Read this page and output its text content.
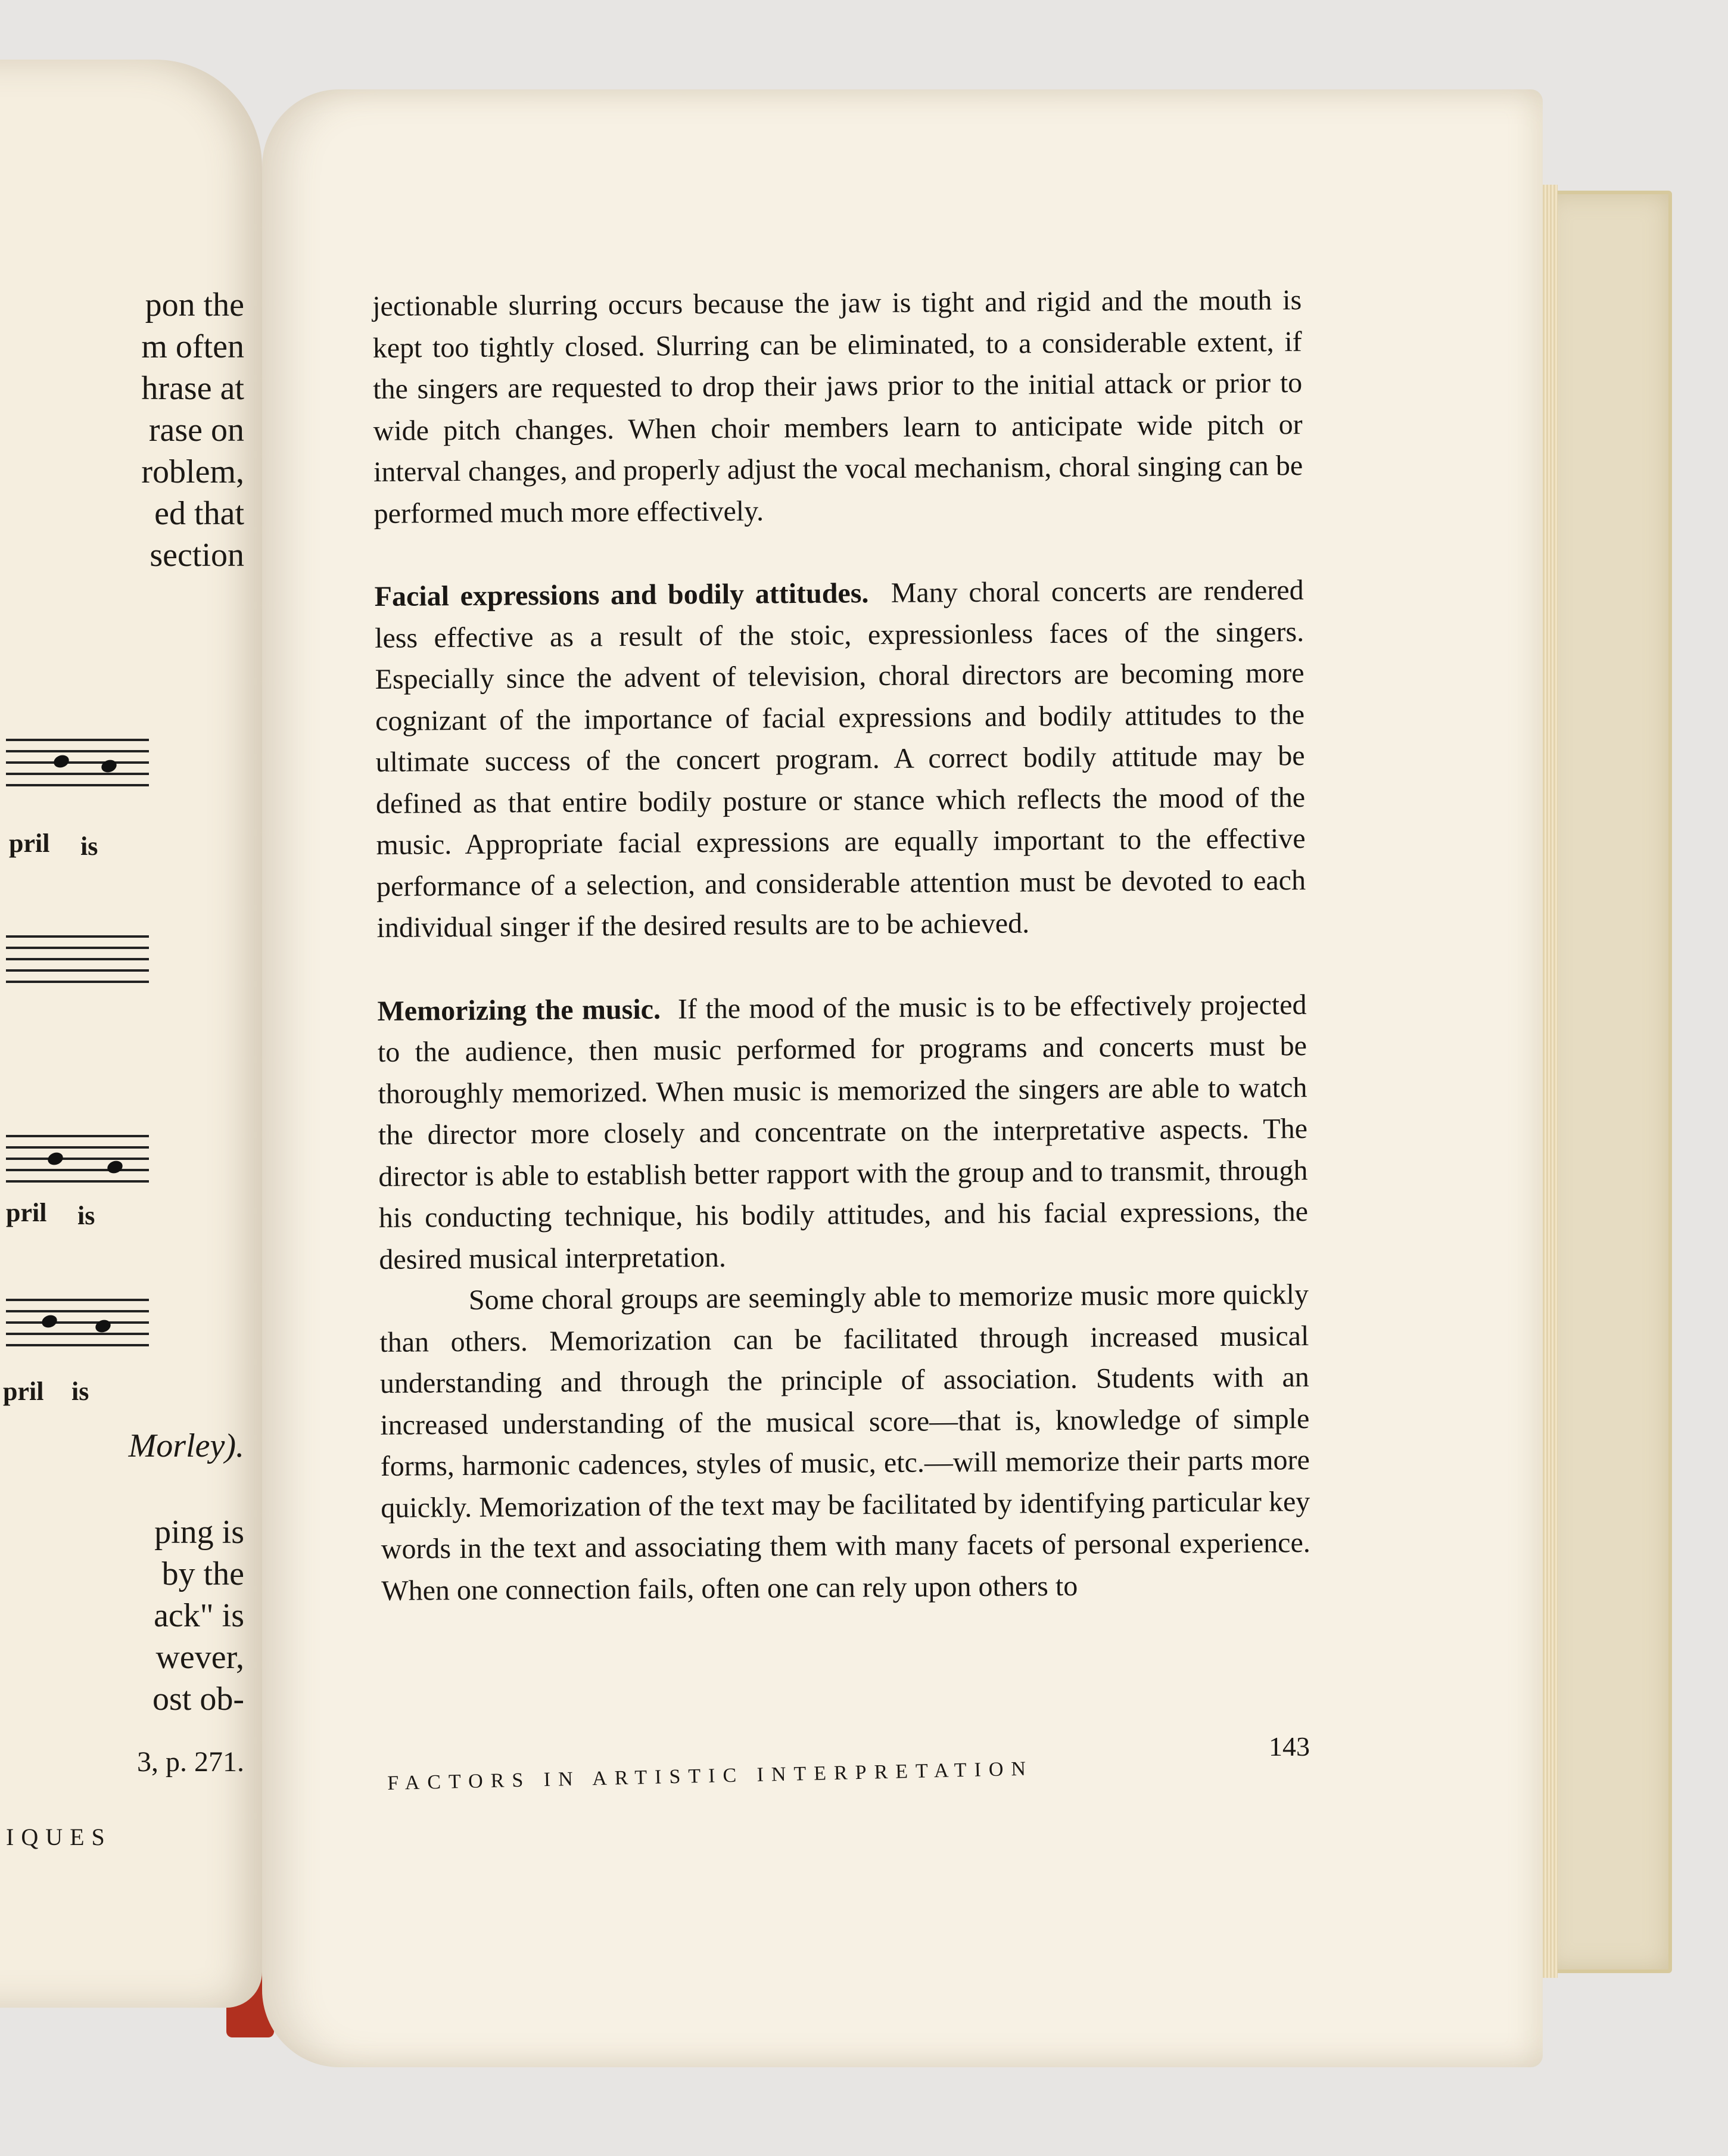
pon the
m often
hrase at
rase on
roblem,
ed that
section
pril is
pril is
pril is
Morley).
ping is
by the
ack" is
wever,
ost ob-
3, p. 271.
IQUES

jectionable slurring occurs because the jaw is tight and rigid and the mouth is kept too tightly closed. Slurring can be eliminated, to a considerable extent, if the singers are requested to drop their jaws prior to the initial attack or prior to wide pitch changes. When choir members learn to anticipate wide pitch or interval changes, and properly adjust the vocal mechanism, choral singing can be performed much more effectively.

Facial expressions and bodily attitudes. Many choral concerts are rendered less effective as a result of the stoic, expressionless faces of the singers. Especially since the advent of television, choral directors are becoming more cognizant of the importance of facial expressions and bodily attitudes to the ultimate success of the concert program. A correct bodily attitude may be defined as that entire bodily posture or stance which reflects the mood of the music. Appropriate facial expressions are equally important to the effective performance of a selection, and considerable attention must be devoted to each individual singer if the desired results are to be achieved.

Memorizing the music. If the mood of the music is to be effectively projected to the audience, then music performed for programs and concerts must be thoroughly memorized. When music is memorized the singers are able to watch the director more closely and concentrate on the interpretative aspects. The director is able to establish better rapport with the group and to transmit, through his conducting technique, his bodily attitudes, and his facial expressions, the desired musical interpretation.

Some choral groups are seemingly able to memorize music more quickly than others. Memorization can be facilitated through increased musical understanding and through the principle of association. Students with an increased understanding of the musical score—that is, knowledge of simple forms, harmonic cadences, styles of music, etc.—will memorize their parts more quickly. Memorization of the text may be facilitated by identifying particular key words in the text and associating them with many facets of personal experience. When one connection fails, often one can rely upon others to

143
FACTORS IN ARTISTIC INTERPRETATION
